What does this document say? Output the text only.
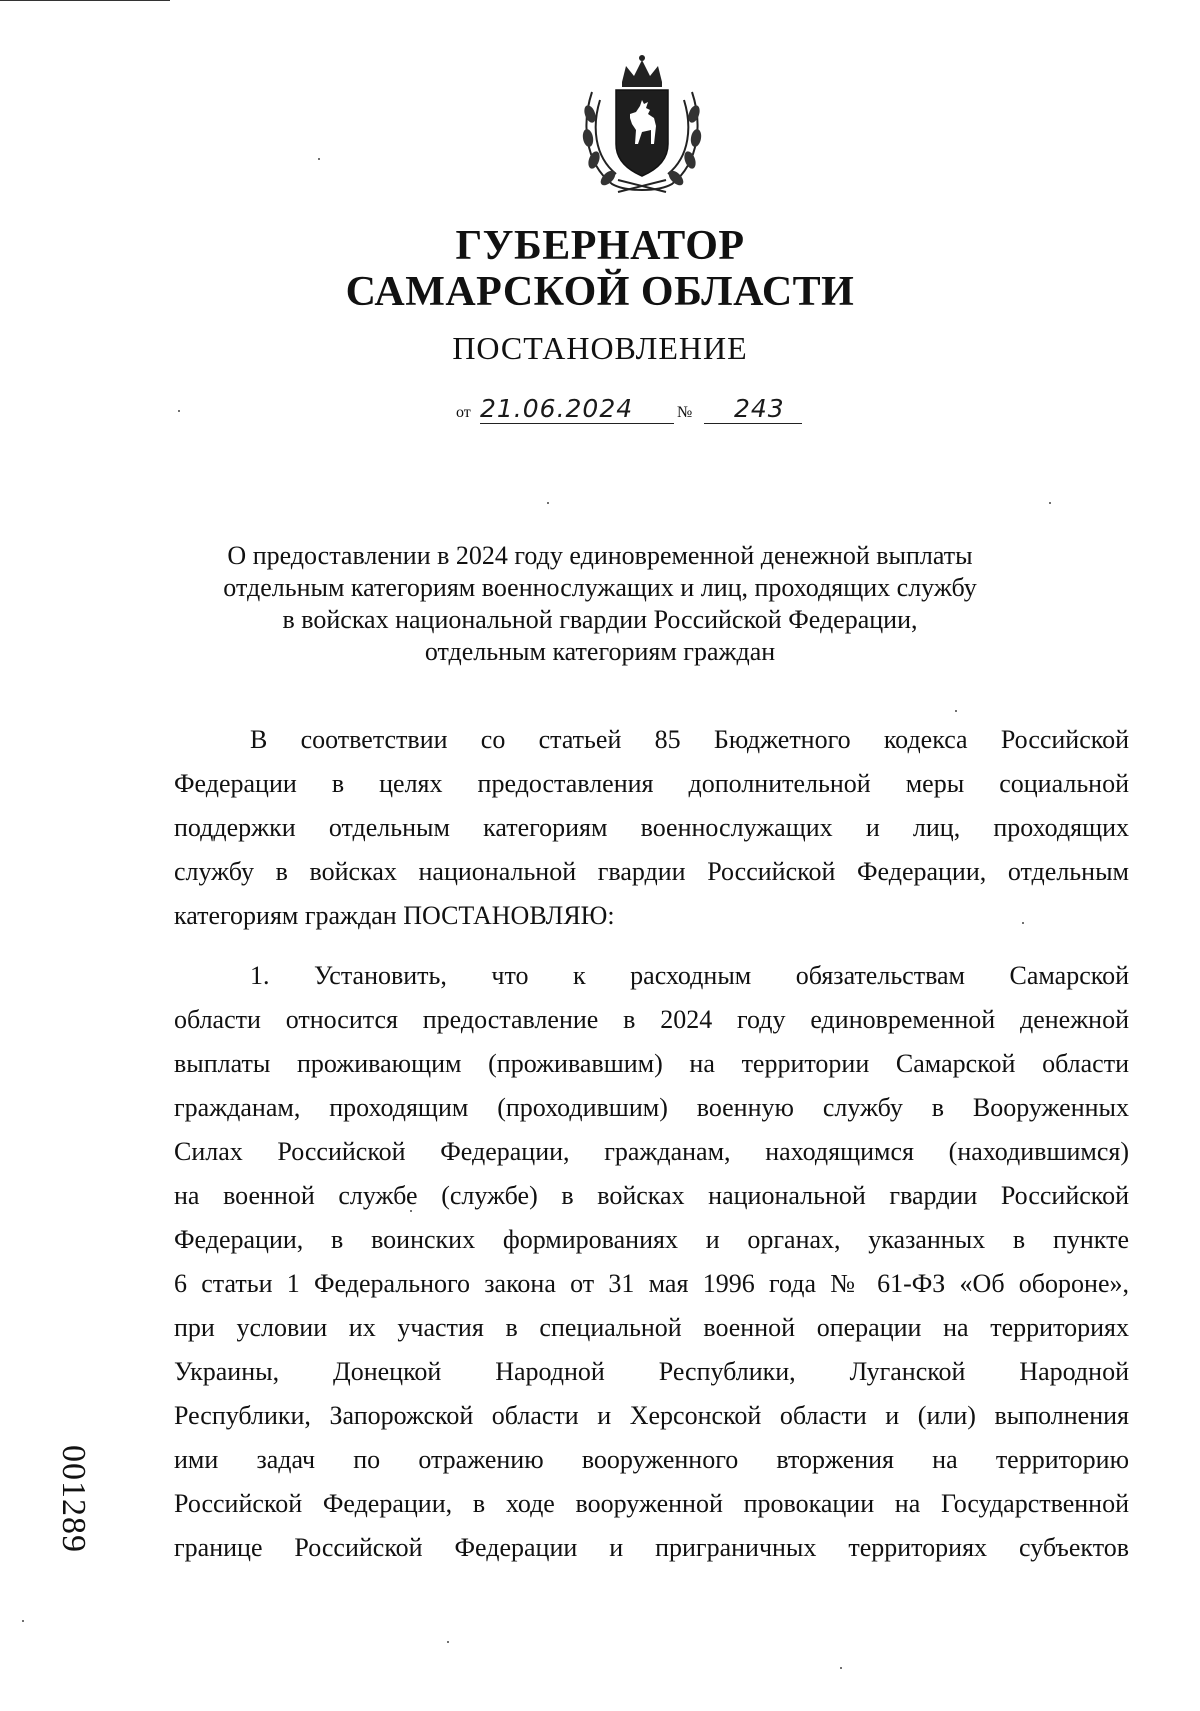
ГУБЕРНАТОР
САМАРСКОЙ ОБЛАСТИ
ПОСТАНОВЛЕНИЕ
от 21.06.2024	№	243
О предоставлении в 2024 году единовременной денежной выплаты
отдельным категориям военнослужащих и лиц, проходящих службу
в войсках национальной гвардии Российской Федерации,
отдельным категориям граждан
В соответствии со статьей 85 Бюджетного кодекса Российской
Федерации в целях предоставления дополнительной меры социальной
поддержки отдельным категориям военнослужащих и лиц, проходящих
службу в войсках национальной гвардии Российской Федерации, отдельным
категориям граждан ПОСТАНОВЛЯЮ:
1. Установить, что к расходным обязательствам Самарской
области относится предоставление в 2024 году единовременной денежной
выплаты проживающим (проживавшим) на территории Самарской области
гражданам, проходящим (проходившим) военную службу в Вооруженных
Силах Российской Федерации, гражданам, находящимся (находившимся)
на военной службе (службе) в войсках национальной гвардии Российской
Федерации, в воинских формированиях и органах, указанных в пункте
6 статьи 1 Федерального закона от 31 мая 1996 года № 61-ФЗ «Об обороне»,
при условии их участия в специальной военной операции на территориях
Украины, Донецкой Народной Республики, Луганской Народной
Республики, Запорожской области и Херсонской области и (или) выполнения
ими задач по отражению вооруженного вторжения на территорию
Российской Федерации, в ходе вооруженной провокации на Государственной
границе Российской Федерации и приграничных территориях субъектов
001289
